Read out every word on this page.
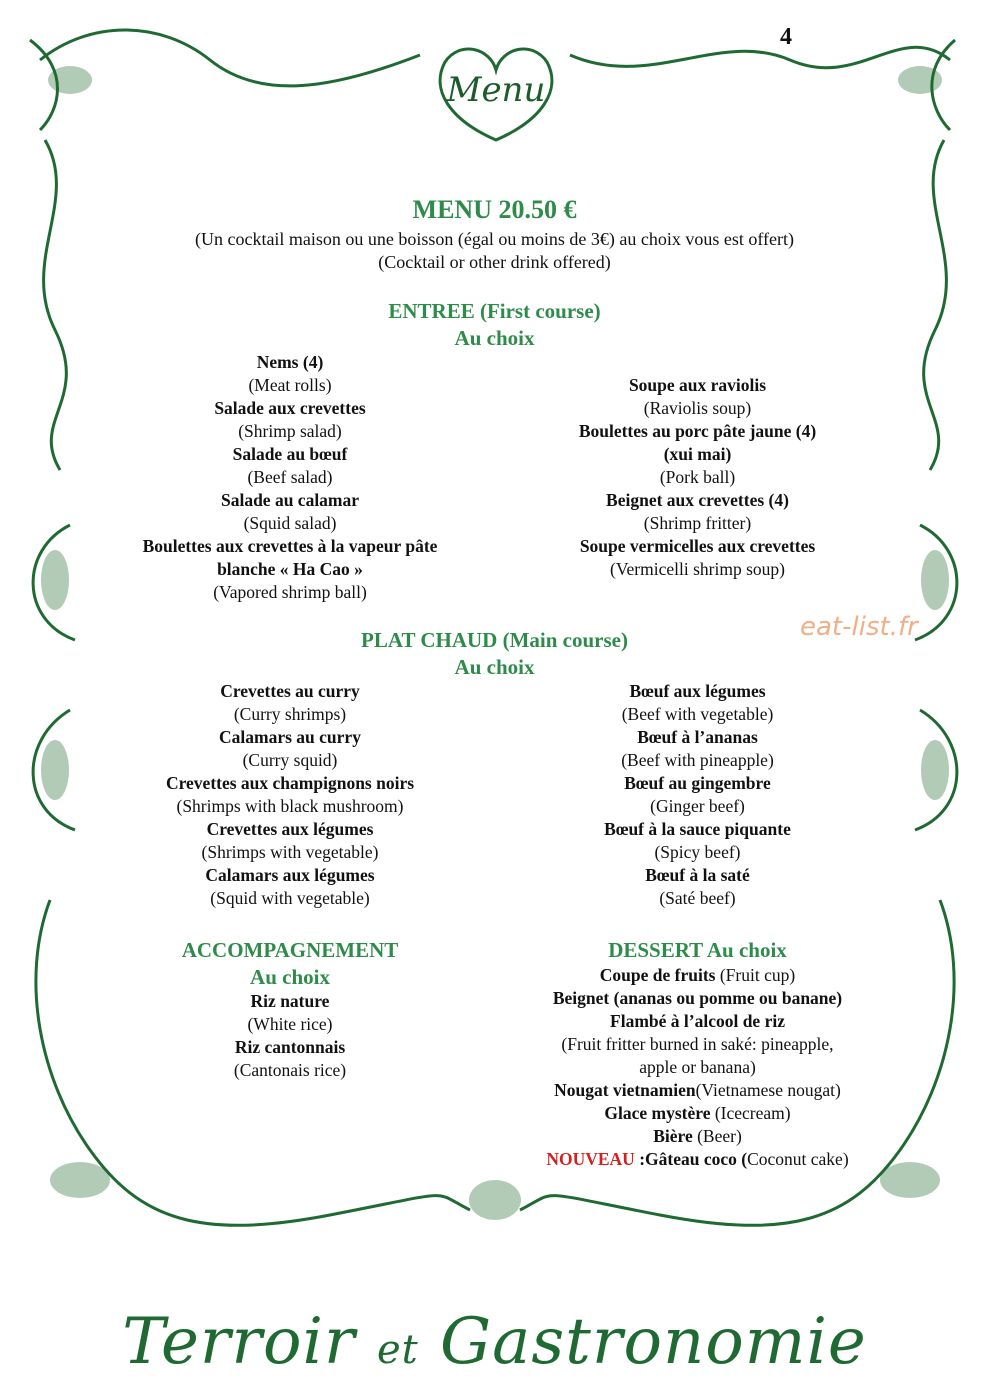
4
Menu
MENU 20.50 €
(Un cocktail maison ou une boisson (égal ou moins de 3€) au choix vous est offert)
(Cocktail or other drink offered)
ENTREE (First course)
Au choix
Nems (4)
(Meat rolls)
Salade aux crevettes
(Shrimp salad)
Salade au bœuf
(Beef salad)
Salade au calamar
(Squid salad)
Boulettes aux crevettes à la vapeur pâte
blanche « Ha Cao »
(Vapored shrimp ball)
Soupe aux raviolis
(Raviolis soup)
Boulettes au porc pâte jaune (4)
(xui mai)
(Pork ball)
Beignet aux crevettes (4)
(Shrimp fritter)
Soupe vermicelles aux crevettes
(Vermicelli shrimp soup)
eat-list.fr
PLAT CHAUD (Main course)
Au choix
Crevettes au curry
(Curry shrimps)
Calamars au curry
(Curry squid)
Crevettes aux champignons noirs
(Shrimps with black mushroom)
Crevettes aux légumes
(Shrimps with vegetable)
Calamars aux légumes
(Squid with vegetable)
Bœuf aux légumes
(Beef with vegetable)
Bœuf à l’ananas
(Beef with pineapple)
Bœuf au gingembre
(Ginger beef)
Bœuf à la sauce piquante
(Spicy beef)
Bœuf à la saté
(Saté beef)
ACCOMPAGNEMENT
Au choix
Riz nature
(White rice)
Riz cantonnais
(Cantonais rice)
DESSERT Au choix
Coupe de fruits (Fruit cup)
Beignet (ananas ou pomme ou banane)
Flambé à l’alcool de riz
(Fruit fritter burned in saké: pineapple,
apple or banana)
Nougat vietnamien(Vietnamese nougat)
Glace mystère (Icecream)
Bière (Beer)
NOUVEAU :Gâteau coco (Coconut cake)
Terroir et Gastronomie
